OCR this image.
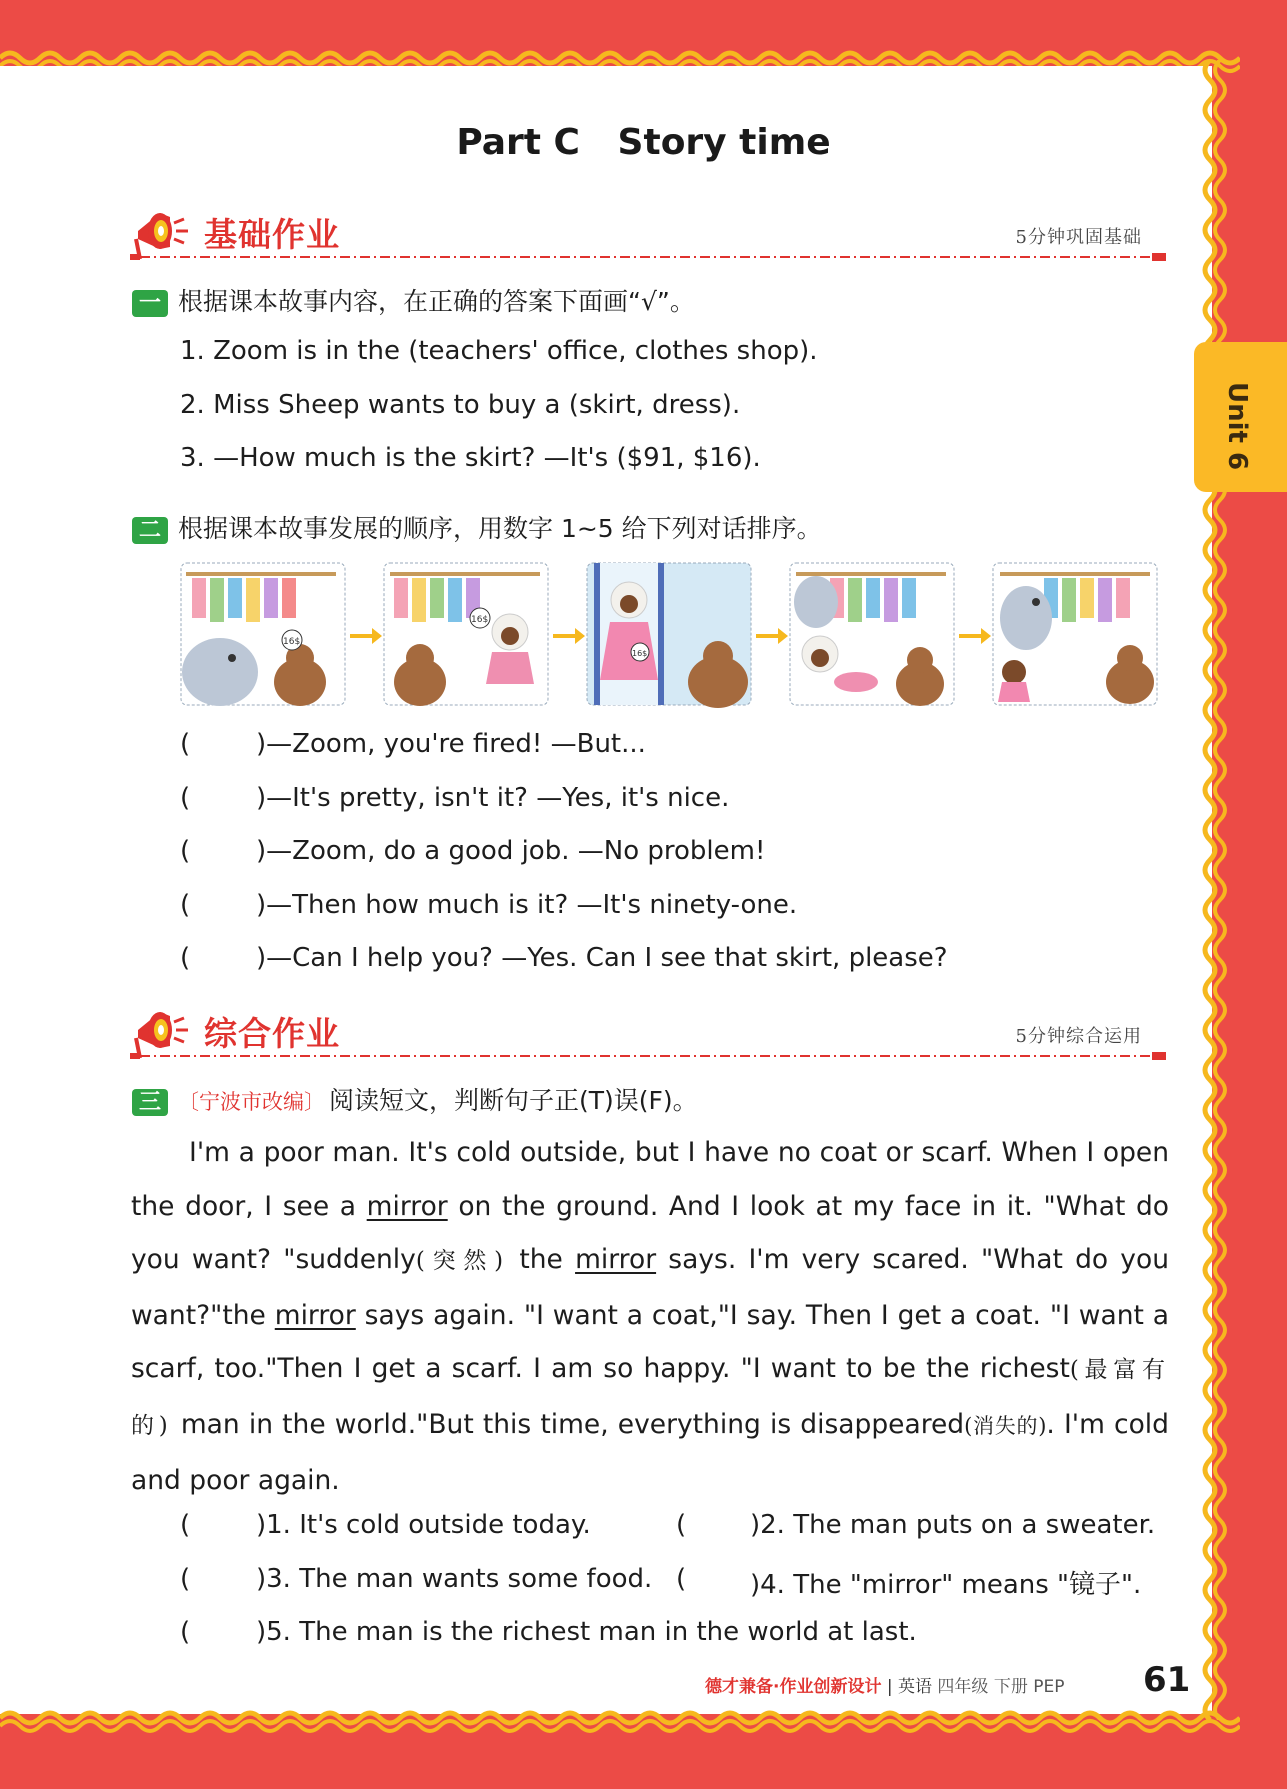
Unit 6
Part C   Story time
基础作业	5分钟巩固基础
一 根据课本故事内容，在正确的答案下面画“√”。
1. Zoom is in the (teachers' office, clothes shop).
2. Miss Sheep wants to buy a (skirt, dress).
3. —How much is the skirt? —It's ($91, $16).
二 根据课本故事发展的顺序，用数字 1~5 给下列对话排序。
16$
16$
16$
(	)—Zoom, you're fired! —But...
(	)—It's pretty, isn't it? —Yes, it's nice.
(	)—Zoom, do a good job. —No problem!
(	)—Then how much is it? —It's ninety-one.
(	)—Can I help you? —Yes. Can I see that skirt, please?
综合作业	5分钟综合运用
三 〔宁波市改编〕 阅读短文，判断句子正(T)误(F)。
I'm a poor man. It's cold outside, but I have no coat or scarf. When I open the door, I see a mirror on the ground. And I look at my face in it. "What do you want? "suddenly(突然) the mirror says. I'm very scared. "What do you want?"the mirror says again. "I want a coat,"I say. Then I get a coat. "I want a scarf, too."Then I get a scarf. I am so happy. "I want to be the richest(最富有的) man in the world."But this time, everything is disappeared(消失的). I'm cold and poor again.
(	)1. It's cold outside today.	( )2. The man puts on a sweater.
(	)3. The man wants some food. ( )4. The "mirror" means "镜子".
(	)5. The man is the richest man in the world at last.
德才兼备·作业创新设计 | 英语 四年级 下册 PEP 61
